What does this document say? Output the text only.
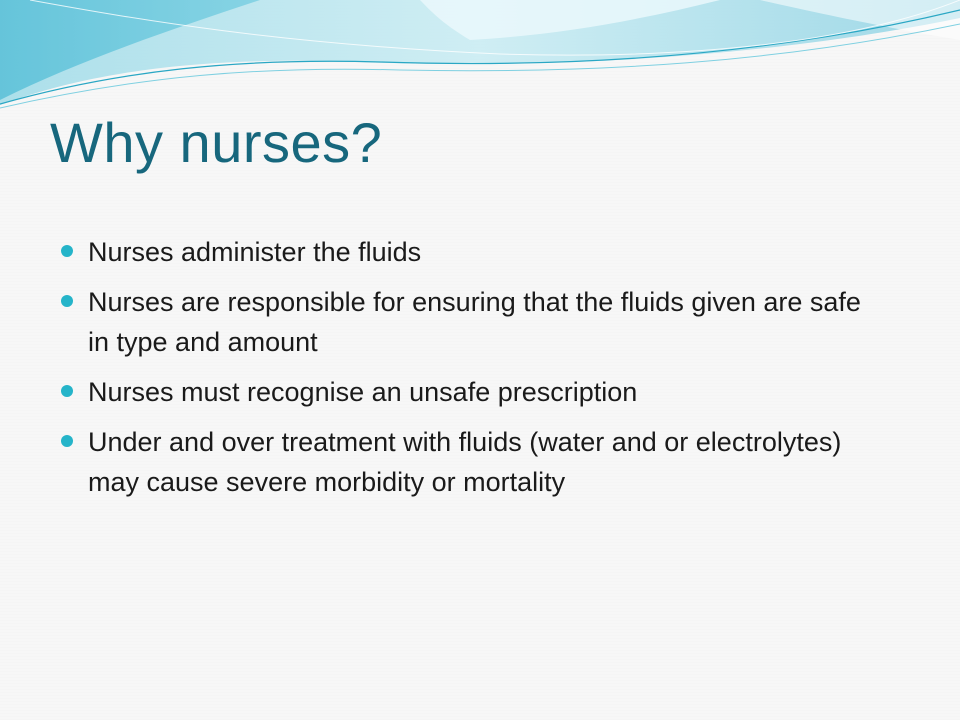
Why nurses?
Nurses administer the fluids
Nurses are responsible for ensuring that the fluids given are safe in type and amount
Nurses must recognise an unsafe prescription
Under and over treatment with fluids (water and or electrolytes) may cause severe morbidity or mortality
